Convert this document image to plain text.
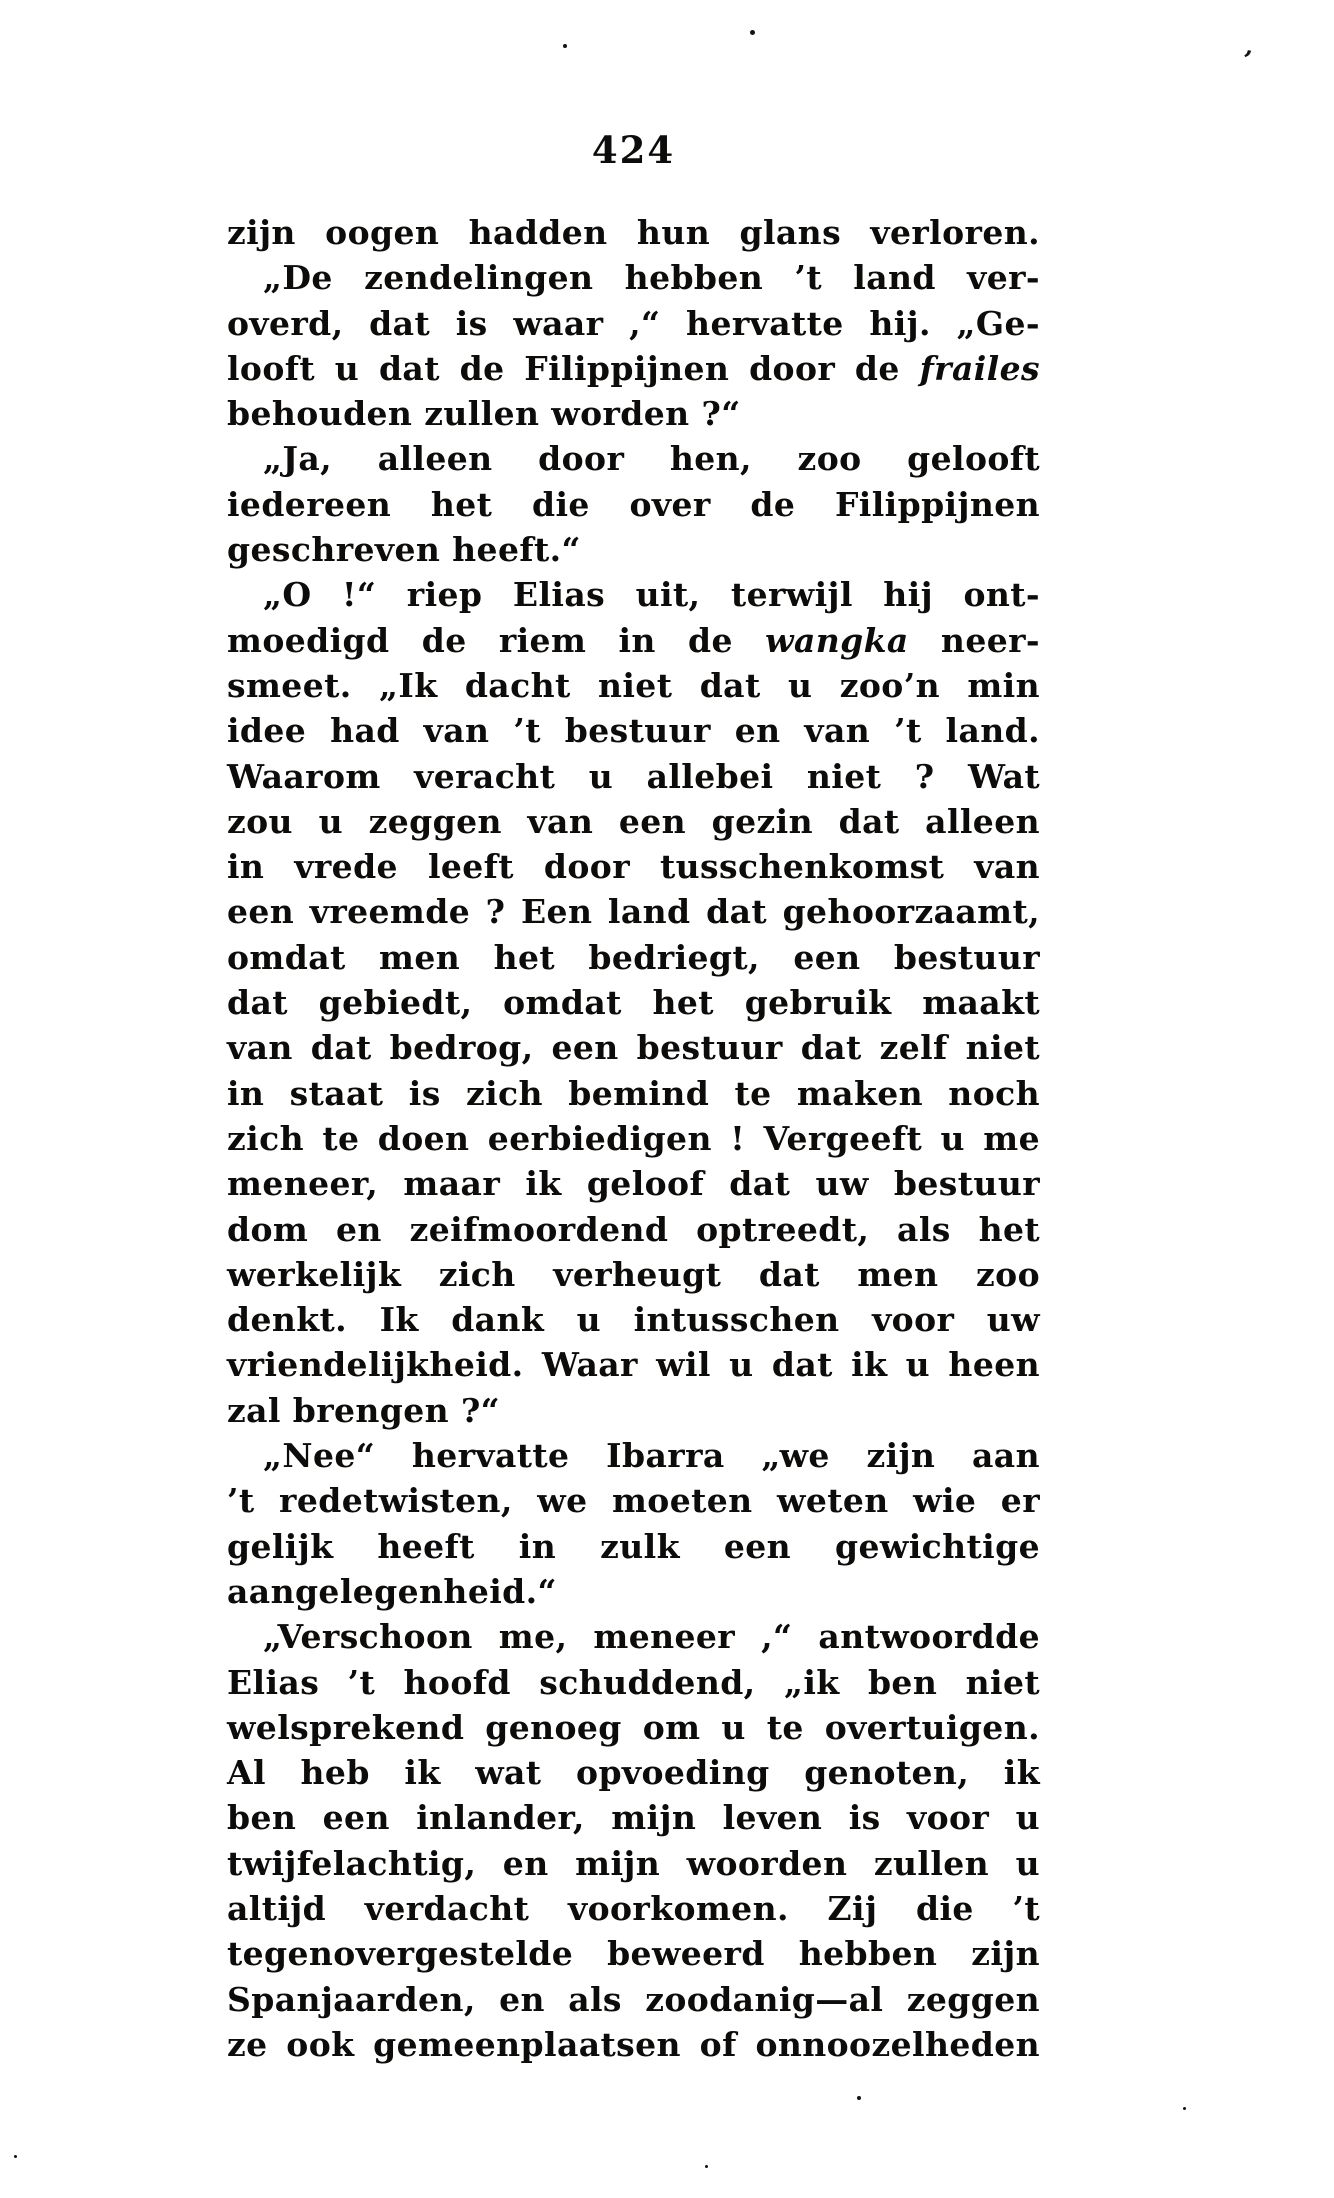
424
zijn oogen hadden hun glans verloren.
„De zendelingen hebben ’t land ver-
overd, dat is waar ,“ hervatte hij. „Ge-
looft u dat de Filippijnen door de frailes
behouden zullen worden ?“
„Ja, alleen door hen, zoo gelooft
iedereen het die over de Filippijnen
geschreven heeft.“
„O !“ riep Elias uit, terwijl hij ont-
moedigd de riem in de wangka neer-
smeet. „Ik dacht niet dat u zoo’n min
idee had van ’t bestuur en van ’t land.
Waarom veracht u allebei niet ? Wat
zou u zeggen van een gezin dat alleen
in vrede leeft door tusschenkomst van
een vreemde ? Een land dat gehoorzaamt,
omdat men het bedriegt, een bestuur
dat gebiedt, omdat het gebruik maakt
van dat bedrog, een bestuur dat zelf niet
in staat is zich bemind te maken noch
zich te doen eerbiedigen ! Vergeeft u me
meneer, maar ik geloof dat uw bestuur
dom en zeifmoordend optreedt, als het
werkelijk zich verheugt dat men zoo
denkt. Ik dank u intusschen voor uw
vriendelijkheid. Waar wil u dat ik u heen
zal brengen ?“
„Nee“ hervatte Ibarra „we zijn aan
’t redetwisten, we moeten weten wie er
gelijk heeft in zulk een gewichtige
aangelegenheid.“
„Verschoon me, meneer ,“ antwoordde
Elias ’t hoofd schuddend, „ik ben niet
welsprekend genoeg om u te overtuigen.
Al heb ik wat opvoeding genoten, ik
ben een inlander, mijn leven is voor u
twijfelachtig, en mijn woorden zullen u
altijd verdacht voorkomen. Zij die ’t
tegenovergestelde beweerd hebben zijn
Spanjaarden, en als zoodanig—al zeggen
ze ook gemeenplaatsen of onnoozelheden
’
